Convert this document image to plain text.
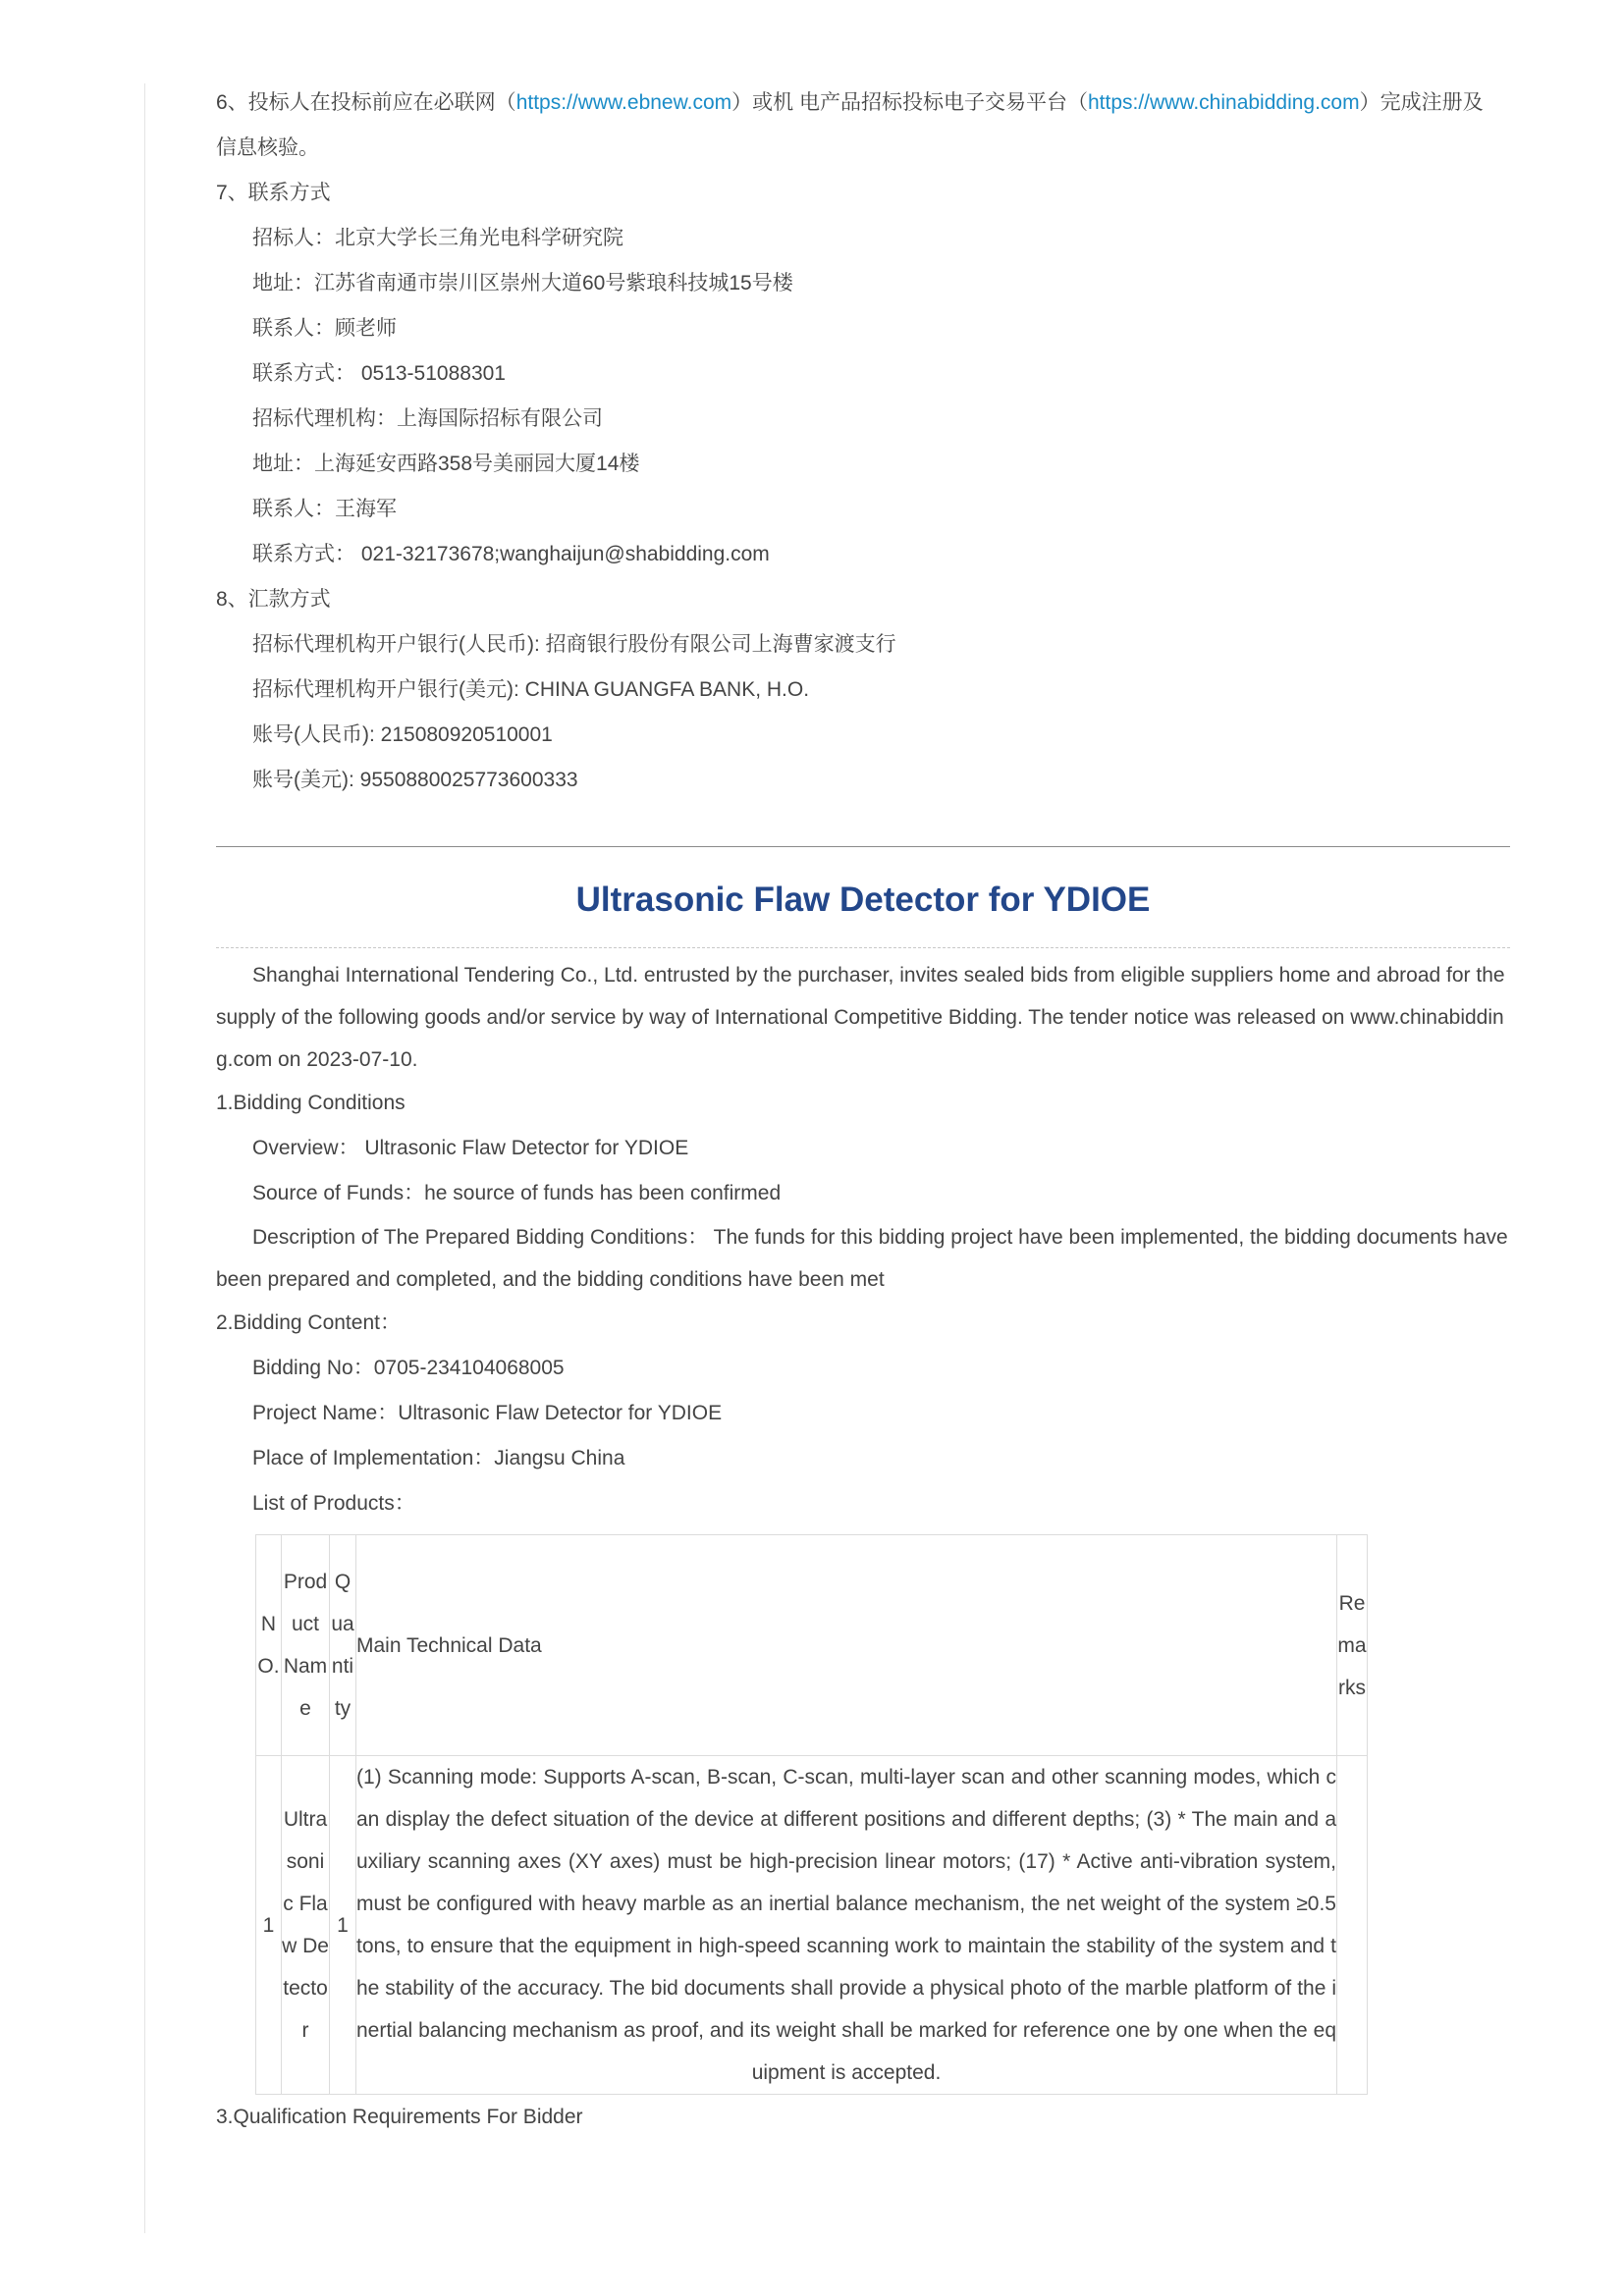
6、投标人在投标前应在必联网（https://www.ebnew.com）或机 电产品招标投标电子交易平台（https://www.chinabidding.com）完成注册及
信息核验。
7、联系方式
招标人：北京大学长三角光电科学研究院
地址：江苏省南通市崇川区崇州大道60号紫琅科技城15号楼
联系人：顾老师
联系方式： 0513-51088301
招标代理机构：上海国际招标有限公司
地址：上海延安西路358号美丽园大厦14楼
联系人：王海军
联系方式： 021-32173678;wanghaijun@shabidding.com
8、汇款方式
招标代理机构开户银行(人民币): 招商银行股份有限公司上海曹家渡支行
招标代理机构开户银行(美元): CHINA GUANGFA BANK, H.O.
账号(人民币): 215080920510001
账号(美元): 9550880025773600333
Ultrasonic Flaw Detector for YDIOE
Shanghai International Tendering Co., Ltd. entrusted by the purchaser, invites sealed bids from eligible suppliers home and abroad for the supply of the following goods and/or service by way of International Competitive Bidding. The tender notice was released on www.chinabidding.com on 2023-07-10.
1.Bidding Conditions
Overview： Ultrasonic Flaw Detector for YDIOE
Source of Funds：he source of funds has been confirmed
Description of The Prepared Bidding Conditions： The funds for this bidding project have been implemented, the bidding documents have been prepared and completed, and the bidding conditions have been met
2.Bidding Content：
Bidding No：0705-234104068005
Project Name：Ultrasonic Flaw Detector for YDIOE
Place of Implementation：Jiangsu China
List of Products：
NO.	Product Name	Quantity	Main Technical Data	Remarks
1	Ultrasonic Flaw Detector	1	(1) Scanning mode: Supports A-scan, B-scan, C-scan, multi-layer scan and other scanning modes, which can display the defect situation of the device at different positions and different depths; (3) * The main and auxiliary scanning axes (XY axes) must be high-precision linear motors; (17) * Active anti-vibration system, must be configured with heavy marble as an inertial balance mechanism, the net weight of the system ≥0.5 tons, to ensure that the equipment in high-speed scanning work to maintain the stability of the system and the stability of the accuracy. The bid documents shall provide a physical photo of the marble platform of the inertial balancing mechanism as proof, and its weight shall be marked for reference one by one when the equipment is accepted.	
3.Qualification Requirements For Bidder
